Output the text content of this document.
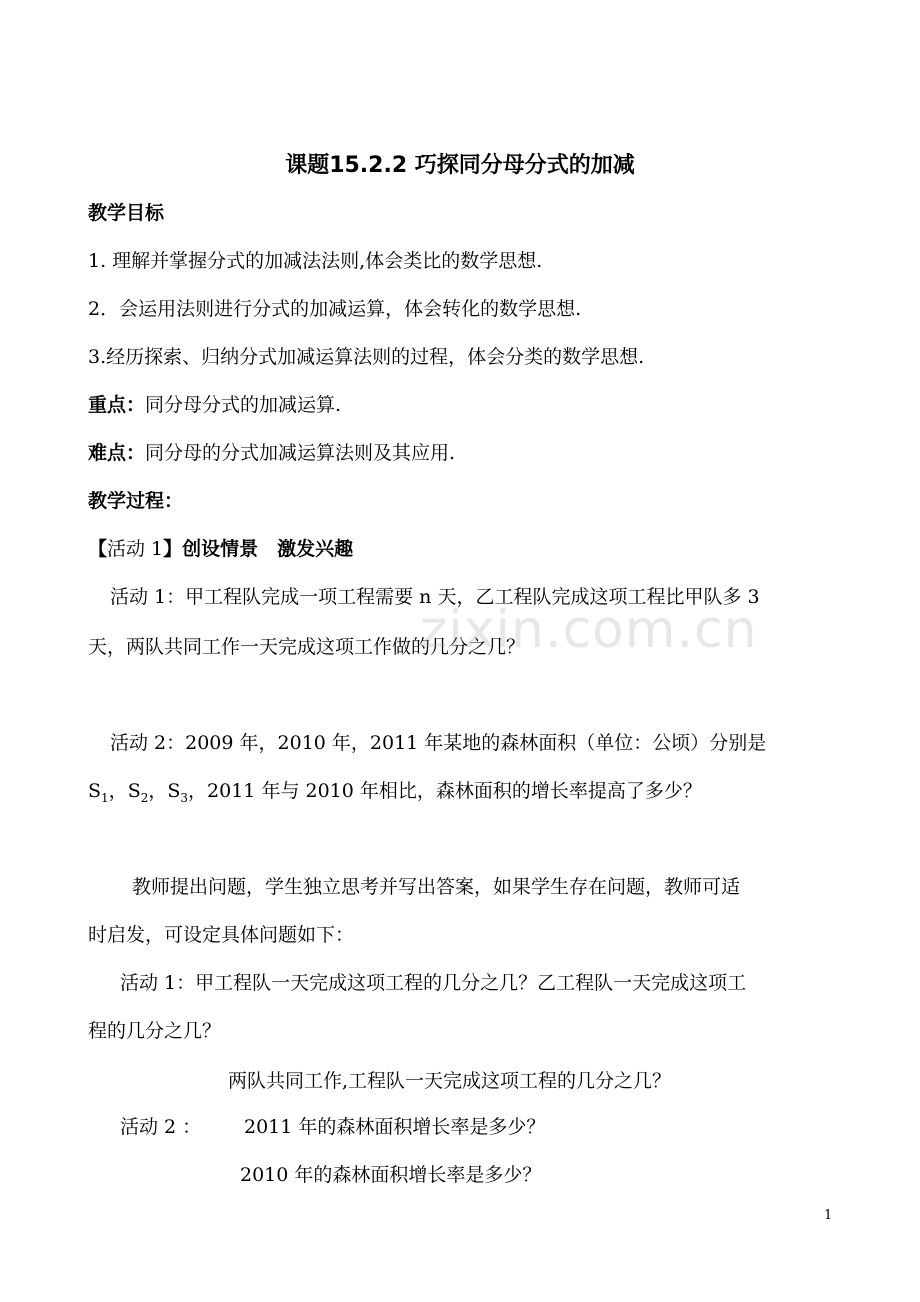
课题15.2.2 巧探同分母分式的加减
教学目标
1. 理解并掌握分式的加减法法则,体会类比的数学思想.
2．会运用法则进行分式的加减运算，体会转化的数学思想.
3.经历探索、归纳分式加减运算法则的过程，体会分类的数学思想.
重点：同分母分式的加减运算.
难点：同分母的分式加减运算法则及其应用.
教学过程：
【活动 1】创设情景　激发兴趣
活动 1：甲工程队完成一项工程需要 n 天，乙工程队完成这项工程比甲队多 3
天，两队共同工作一天完成这项工作做的几分之几？
活动 2：2009 年，2010 年，2011 年某地的森林面积（单位：公顷）分别是
$S_1$，$S_2$，$S_3$，2011 年与 2010 年相比，森林面积的增长率提高了多少？
教师提出问题，学生独立思考并写出答案，如果学生存在问题，教师可适
时启发，可设定具体问题如下：
活动 1：甲工程队一天完成这项工程的几分之几？乙工程队一天完成这项工
程的几分之几？
两队共同工作,工程队一天完成这项工程的几分之几？
活动 2 ： 2011 年的森林面积增长率是多少？
2010 年的森林面积增长率是多少？
zixin.com.cn
1
